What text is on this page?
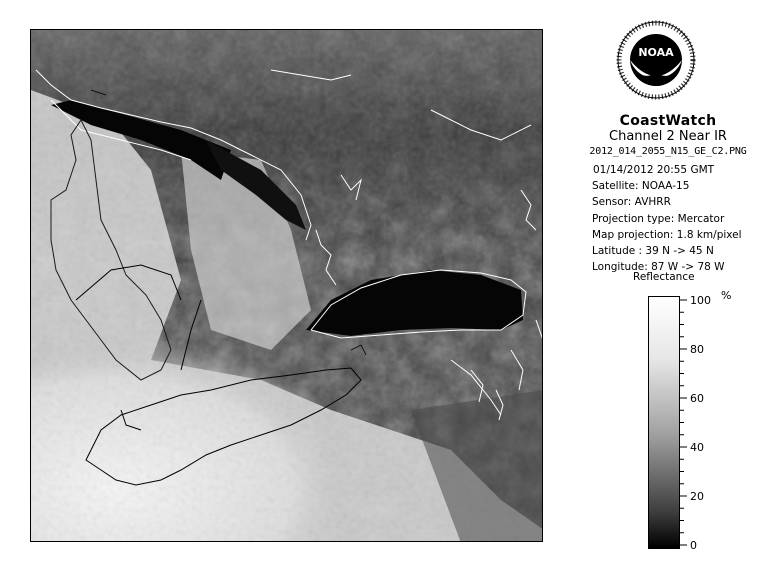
NOAA
CoastWatch
Channel 2 Near IR
2012_014_2055_N15_GE_C2.PNG
01/14/2012 20:55 GMT
Satellite: NOAA-15
Sensor: AVHRR
Projection type: Mercator
Map projection: 1.8 km/pixel
Latitude : 39 N -> 45 N
Longitude: 87 W -> 78 W
Reflectance
100
80
60
40
20
0
%
